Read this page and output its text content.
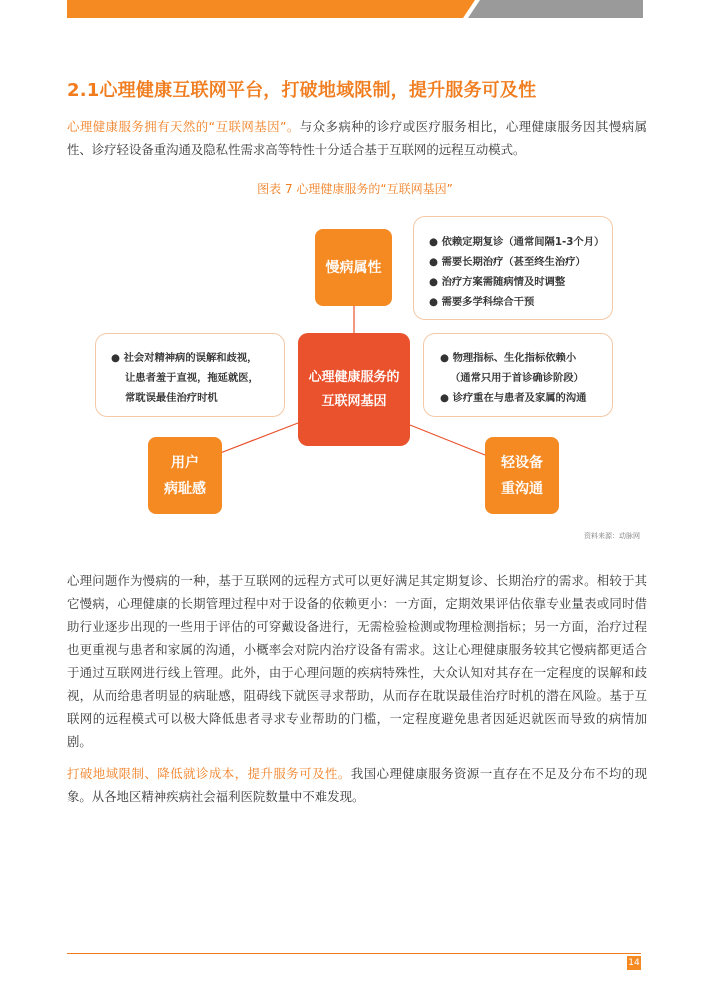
2.1心理健康互联网平台，打破地域限制，提升服务可及性
心理健康服务拥有天然的“互联网基因”。与众多病种的诊疗或医疗服务相比，心理健康服务因其慢病属性、诊疗轻设备重沟通及隐私性需求高等特性十分适合基于互联网的远程互动模式。
图表 7 心理健康服务的“互联网基因”
慢病属性
● 依赖定期复诊（通常间隔1-3个月）
● 需要长期治疗（甚至终生治疗）
● 治疗方案需随病情及时调整
● 需要多学科综合干预
心理健康服务的
互联网基因
● 社会对精神病的误解和歧视，
让患者羞于直视，拖延就医，
常耽误最佳治疗时机
● 物理指标、生化指标依赖小
（通常只用于首诊确诊阶段）
● 诊疗重在与患者及家属的沟通
用户
病耻感
轻设备
重沟通
资料来源：动脉网
心理问题作为慢病的一种，基于互联网的远程方式可以更好满足其定期复诊、长期治疗的需求。相较于其它慢病，心理健康的长期管理过程中对于设备的依赖更小：一方面，定期效果评估依靠专业量表或同时借助行业逐步出现的一些用于评估的可穿戴设备进行，无需检验检测或物理检测指标；另一方面，治疗过程也更重视与患者和家属的沟通，小概率会对院内治疗设备有需求。这让心理健康服务较其它慢病都更适合于通过互联网进行线上管理。此外，由于心理问题的疾病特殊性，大众认知对其存在一定程度的误解和歧视，从而给患者明显的病耻感，阻碍线下就医寻求帮助，从而存在耽误最佳治疗时机的潜在风险。基于互联网的远程模式可以极大降低患者寻求专业帮助的门槛，一定程度避免患者因延迟就医而导致的病情加剧。
打破地域限制、降低就诊成本，提升服务可及性。我国心理健康服务资源一直存在不足及分布不均的现象。从各地区精神疾病社会福利医院数量中不难发现。
14
